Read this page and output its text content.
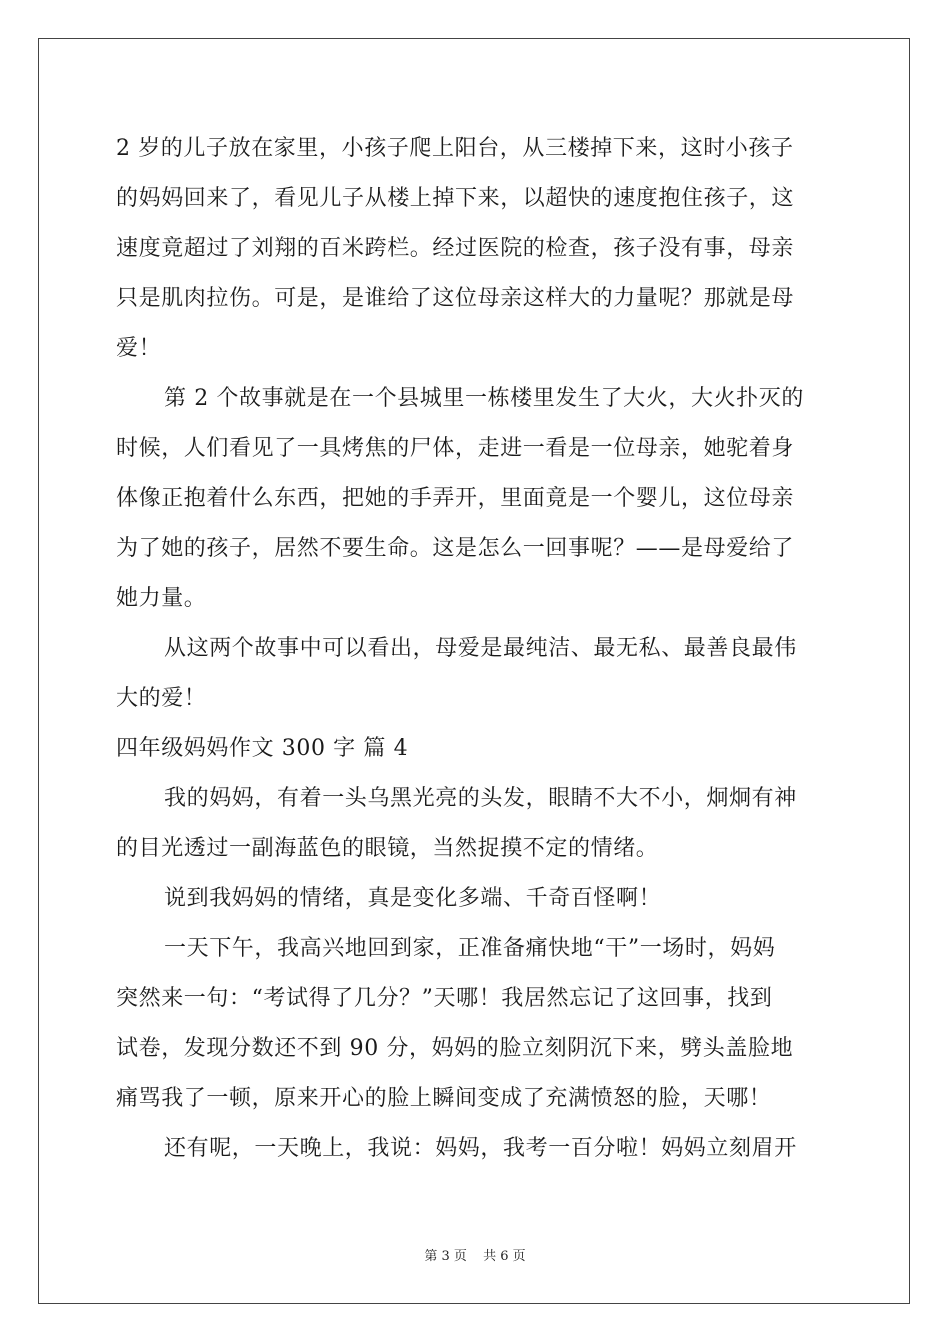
2 岁的儿子放在家里，小孩子爬上阳台，从三楼掉下来，这时小孩子
的妈妈回来了，看见儿子从楼上掉下来，以超快的速度抱住孩子，这
速度竟超过了刘翔的百米跨栏。经过医院的检查，孩子没有事，母亲
只是肌肉拉伤。可是，是谁给了这位母亲这样大的力量呢？那就是母
爱！
第 2 个故事就是在一个县城里一栋楼里发生了大火，大火扑灭的
时候，人们看见了一具烤焦的尸体，走进一看是一位母亲，她驼着身
体像正抱着什么东西，把她的手弄开，里面竟是一个婴儿，这位母亲
为了她的孩子，居然不要生命。这是怎么一回事呢？——是母爱给了
她力量。
从这两个故事中可以看出，母爱是最纯洁、最无私、最善良最伟
大的爱！
四年级妈妈作文 300 字 篇 4
我的妈妈，有着一头乌黑光亮的头发，眼睛不大不小，炯炯有神
的目光透过一副海蓝色的眼镜，当然捉摸不定的情绪。
说到我妈妈的情绪，真是变化多端、千奇百怪啊！
一天下午，我高兴地回到家，正准备痛快地“干”一场时，妈妈
突然来一句：“考试得了几分？”天哪！我居然忘记了这回事，找到
试卷，发现分数还不到 90 分，妈妈的脸立刻阴沉下来，劈头盖脸地
痛骂我了一顿，原来开心的脸上瞬间变成了充满愤怒的脸，天哪！
还有呢，一天晚上，我说：妈妈，我考一百分啦！妈妈立刻眉开
第 3 页 共 6 页
